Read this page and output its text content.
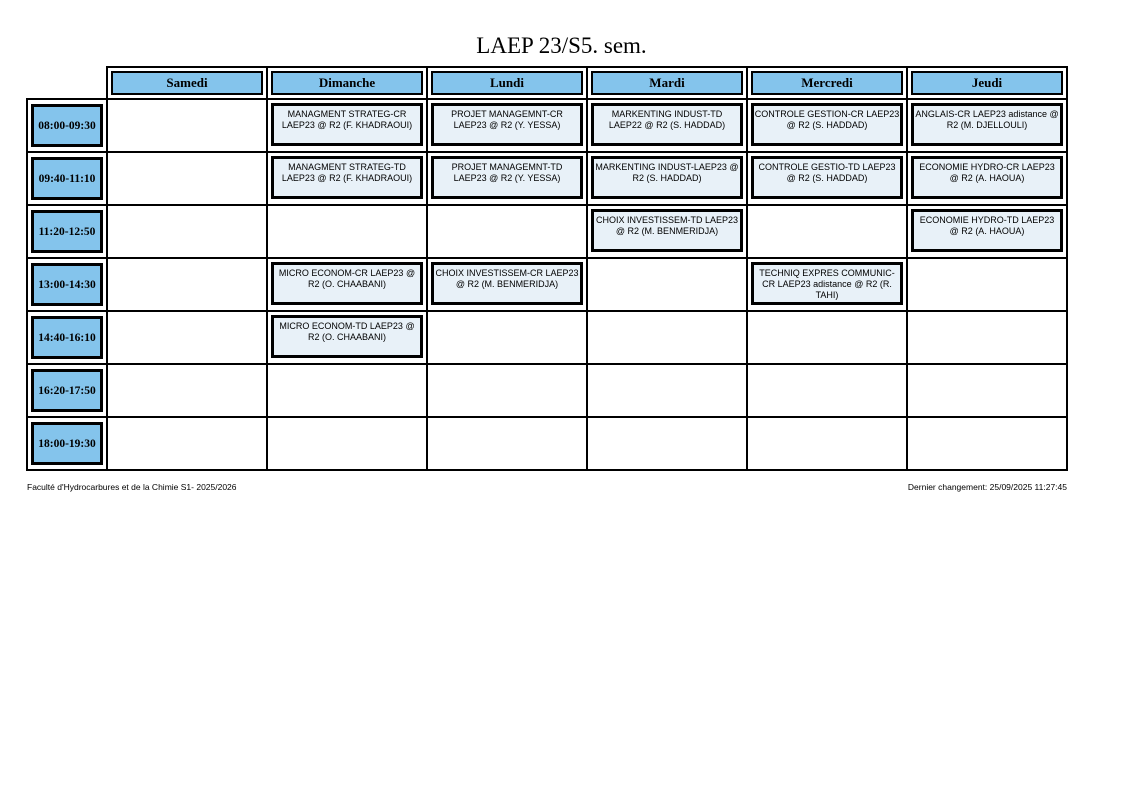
LAEP 23/S5. sem.

	Samedi	Dimanche	Lundi	Mardi	Mercredi	Jeudi

08:00-09:30		MANAGMENT STRATEG-CR LAEP23 @ R2 (F. KHADRAOUI)	PROJET MANAGEMNT-CR LAEP23 @ R2 (Y. YESSA)	MARKENTING INDUST-TD LAEP22 @ R2 (S. HADDAD)	CONTROLE GESTION-CR LAEP23 @ R2 (S. HADDAD)	ANGLAIS-CR LAEP23 adistance @ R2 (M. DJELLOULI)

09:40-11:10		MANAGMENT STRATEG-TD LAEP23 @ R2 (F. KHADRAOUI)	PROJET MANAGEMNT-TD LAEP23 @ R2 (Y. YESSA)	MARKENTING INDUST-LAEP23 @ R2 (S. HADDAD)	CONTROLE GESTIO-TD LAEP23 @ R2 (S. HADDAD)	ECONOMIE HYDRO-CR LAEP23 @ R2 (A. HAOUA)

11:20-12:50				CHOIX INVESTISSEM-TD LAEP23 @ R2 (M. BENMERIDJA)		ECONOMIE HYDRO-TD LAEP23 @ R2 (A. HAOUA)

13:00-14:30		MICRO ECONOM-CR LAEP23 @ R2 (O. CHAABANI)	CHOIX INVESTISSEM-CR LAEP23 @ R2 (M. BENMERIDJA)		TECHNIQ EXPRES COMMUNIC-CR LAEP23 adistance @ R2 (R. TAHI)	

14:40-16:10		MICRO ECONOM-TD LAEP23 @ R2 (O. CHAABANI)				

16:20-17:50						

18:00-19:30						

Faculté d'Hydrocarbures et de la Chimie S1- 2025/2026	Dernier changement: 25/09/2025 11:27:45
